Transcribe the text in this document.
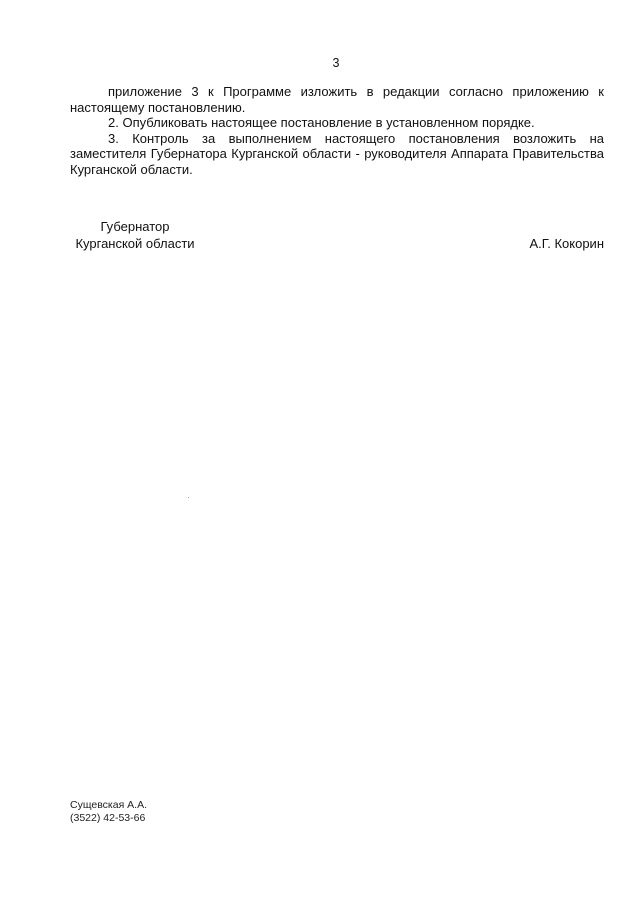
3

приложение 3 к Программе изложить в редакции согласно приложению к настоящему постановлению.

2. Опубликовать настоящее постановление в установленном порядке.

3. Контроль за выполнением настоящего постановления возложить на заместителя Губернатора Курганской области - руководителя Аппарата Правительства Курганской области.

Губернатор
Курганской области	А.Г. Кокорин
Сущевская А.А.
(3522) 42-53-66
